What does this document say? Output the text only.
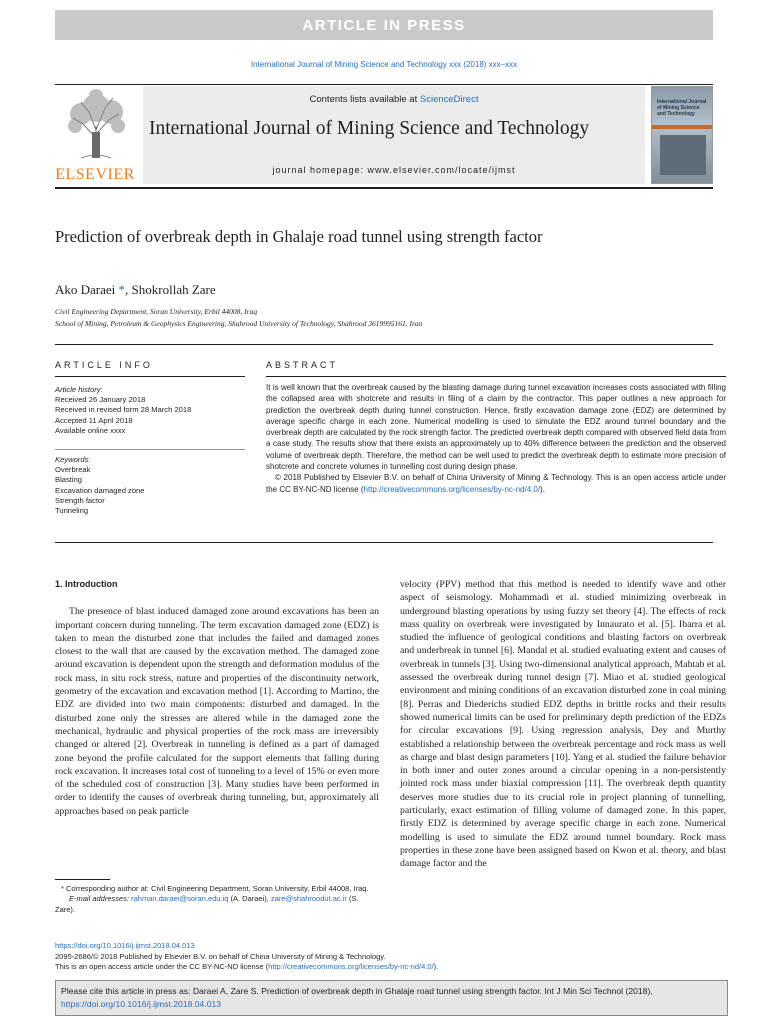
ARTICLE IN PRESS
International Journal of Mining Science and Technology xxx (2018) xxx–xxx
ELSEVIER
Contents lists available at ScienceDirect
International Journal of Mining Science and Technology
journal homepage: www.elsevier.com/locate/ijmst
International Journal of Mining Science and Technology
Prediction of overbreak depth in Ghalaje road tunnel using strength factor
Ako Daraei *, Shokrollah Zare
Civil Engineering Department, Soran University, Erbil 44008, Iraq
School of Mining, Petroleum & Geophysics Engineering, Shahrood University of Technology, Shahrood 3619995161, Iran
ARTICLE INFO
Article history:
Received 26 January 2018
Received in revised form 28 March 2018
Accepted 11 April 2018
Available online xxxx
Keywords:
Overbreak
Blasting
Excavation damaged zone
Strength factor
Tunneling
ABSTRACT

It is well known that the overbreak caused by the blasting damage during tunnel excavation increases costs associated with filling the collapsed area with shotcrete and results in filing of a claim by the contractor. This paper outlines a new approach for prediction the overbreak depth during tunnel construction. Hence, firstly excavation damage zone (EDZ) are determined by average specific charge in each zone. Numerical modelling is used to simulate the EDZ around tunnel boundary and the overbreak depth are calculated by the rock strength factor. The predicted overbreak depth compared with observed field data from a case study. The results show that there exists an approximately up to 40% difference between the prediction and the observed volume of overbreak depth. Therefore, the method can be well used to predict the overbreak depth to estimate more precision of shotcrete and concrete volumes in tunnelling cost during design phase.

© 2018 Published by Elsevier B.V. on behalf of China University of Mining & Technology. This is an open access article under the CC BY-NC-ND license (http://creativecommons.org/licenses/by-nc-nd/4.0/).

1. Introduction

The presence of blast induced damaged zone around excavations has been an important concern during tunneling. The term excavation damaged zone (EDZ) is taken to mean the disturbed zone that includes the failed and damaged zones closest to the wall that are caused by the excavation method. The damaged zone around excavation is dependent upon the strength and deformation modulus of the rock mass, in situ rock stress, nature and properties of the discontinuity network, geometry of the excavation and excavation method [1]. According to Martino, the EDZ are divided into two main components: disturbed and damaged. In the disturbed zone only the stresses are altered while in the damaged zone the mechanical, hydraulic and physical properties of the rock mass are irreversibly changed or altered [2]. Overbreak in tunneling is defined as a part of damaged zone beyond the profile calculated for the support elements that falling during rock excavation. It increases total cost of tunneling to a level of 15% or even more of the scheduled cost of construction [3]. Many studies have been performed in order to identify the causes of overbreak during tunneling, but, approximately all approaches based on peak particle

velocity (PPV) method that this method is needed to identify wave and other aspect of seismology. Mohammadi et al. studied minimizing overbreak in underground blasting operations by using fuzzy set theory [4]. The effects of rock mass quality on overbreak were investigated by Innaurato et al. [5]. Ibarra et al. studied the influence of geological conditions and blasting factors on overbreak and underbreak in tunnel [6]. Mandal et al. studied evaluating extent and causes of overbreak in tunnels [3]. Using two-dimensional analytical approach, Mahtab et al. assessed the overbreak during tunnel design [7]. Miao et al. studied geological environment and mining conditions of an excavation disturbed zone in coal mining [8]. Perras and Diederichs studied EDZ depths in brittle rocks and their results showed numerical limits can be used for preliminary depth prediction of the EDZs for circular excavations [9]. Using regression analysis, Dey and Murthy established a relationship between the overbreak percentage and rock mass as well as charge and blast design parameters [10]. Yang et al. studied the failure behavior in both inner and outer zones around a circular opening in a non-persistently jointed rock mass under biaxial compression [11]. The overbreak depth quantity deserves more studies due to its crucial role in project planning of tunnelling, particularly, exact estimation of filling volume of damaged zone. In this paper, firstly EDZ is determined by average specific charge in each zone. Numerical modelling is used to simulate the EDZ around tunnel boundary. Rock mass properties in these zone have been assigned based on Kwon et al. theory, and blast damage factor and the

* Corresponding author at: Civil Engineering Department, Soran University, Erbil 44008, Iraq.
E-mail addresses: rahman.daraei@soran.edu.iq (A. Daraei), zare@shahroodut.ac.ir (S. Zare).
https://doi.org/10.1016/j.ijmst.2018.04.013
2095-2686/© 2018 Published by Elsevier B.V. on behalf of China University of Mining & Technology.
This is an open access article under the CC BY-NC-ND license (http://creativecommons.org/licenses/by-nc-nd/4.0/).
Please cite this article in press as: Daraei A, Zare S. Prediction of overbreak depth in Ghalaje road tunnel using strength factor. Int J Min Sci Technol (2018),
https://doi.org/10.1016/j.ijmst.2018.04.013
